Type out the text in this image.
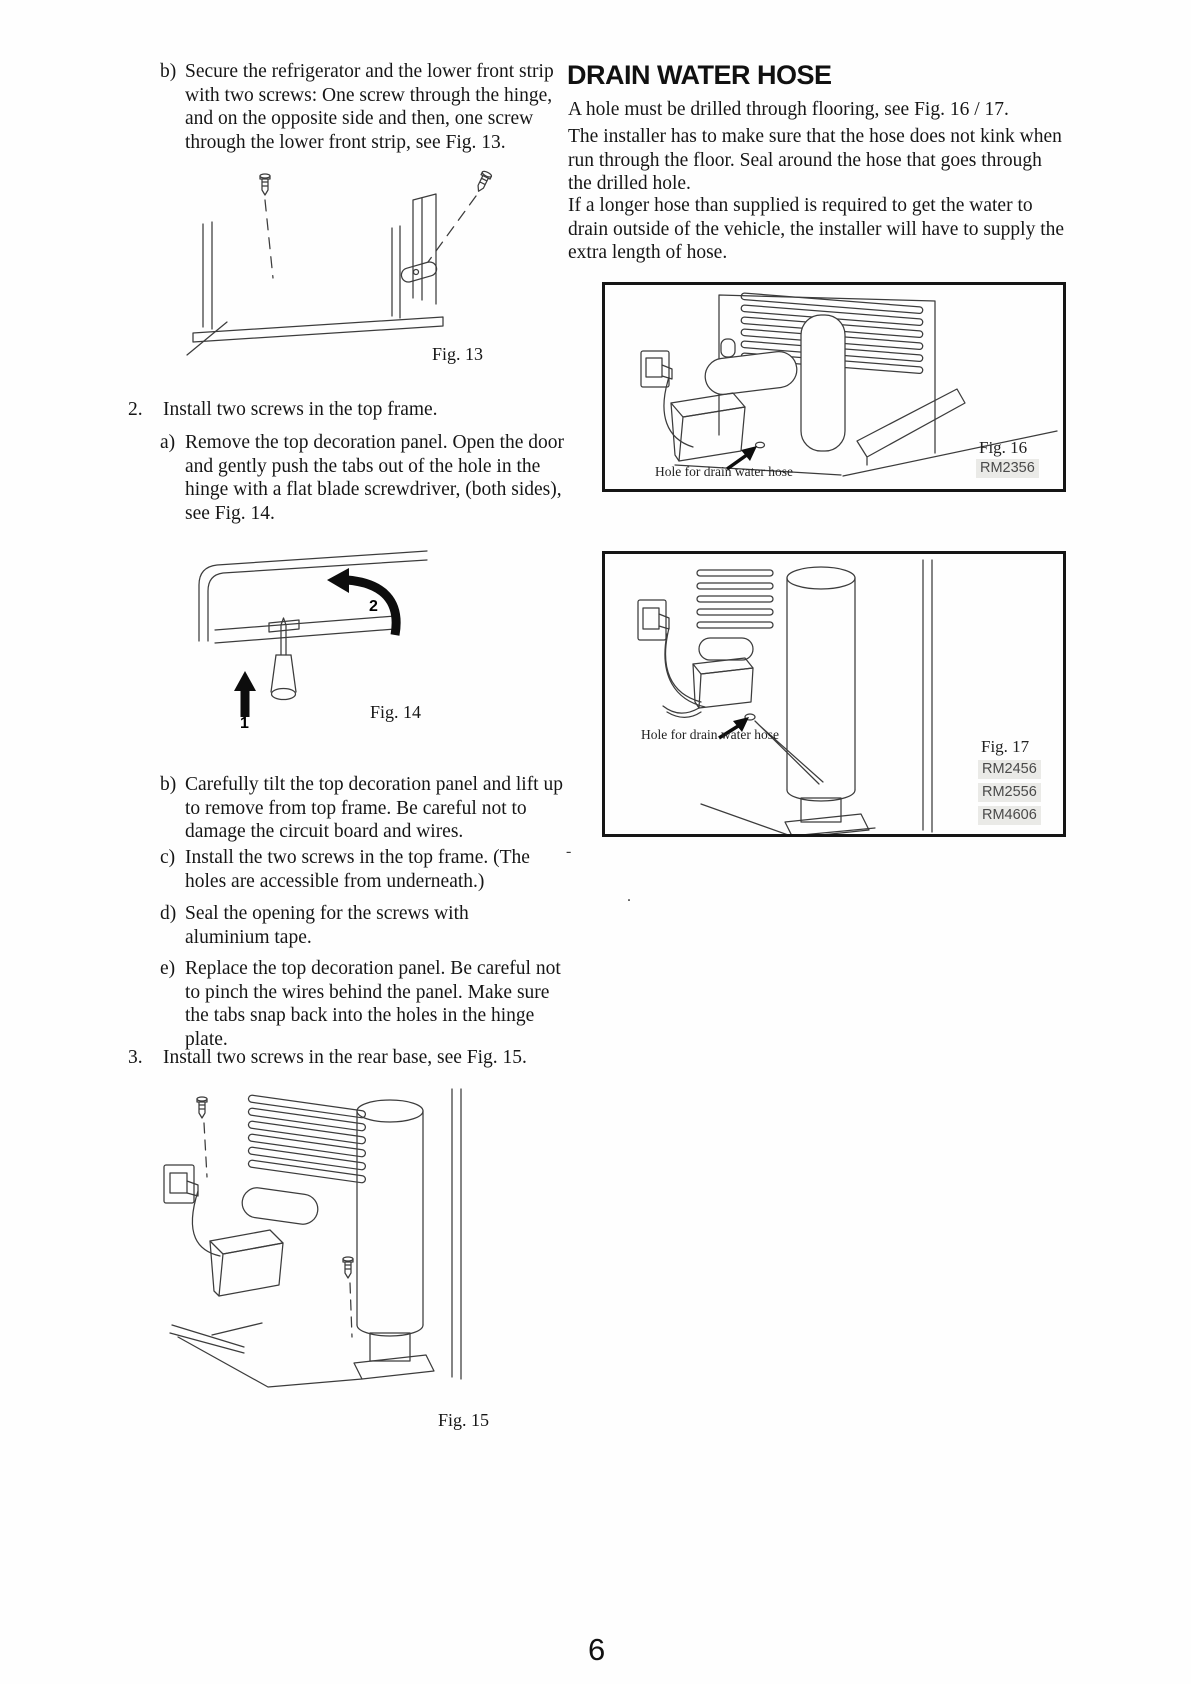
b) Secure the refrigerator and the lower front strip with two screws: One screw through the hinge, and on the opposite side and then, one screw through the lower front strip, see Fig. 13.
Fig. 13
2. Install two screws in the top frame.
a) Remove the top decoration panel. Open the door and gently push the tabs out of the hole in the hinge with a flat blade screwdriver, (both sides), see Fig. 14.
2
1
Fig. 14
b) Carefully tilt the top decoration panel and lift up to remove from top frame. Be careful not to damage the circuit board and wires.
c) Install the two screws in the top frame. (The holes are accessible from underneath.)
d) Seal the opening for the screws with aluminium tape.
e) Replace the top decoration panel. Be careful not to pinch the wires behind the panel. Make sure the tabs snap back into the holes in the hinge plate.
3. Install two screws in the rear base, see Fig. 15.
Fig. 15
DRAIN WATER HOSE
A hole must be drilled through flooring, see Fig. 16 / 17.
The installer has to make sure that the hose does not kink when run through the floor. Seal around the hose that goes through the drilled hole.
If a longer hose than supplied is required to get the water to drain outside of the vehicle, the installer will have to supply the extra length of hose.
Hole for drain water hose
Fig. 16
RM2356
Hole for drain water hose
Fig. 17
RM2456
RM2556
RM4606
-
.
6
